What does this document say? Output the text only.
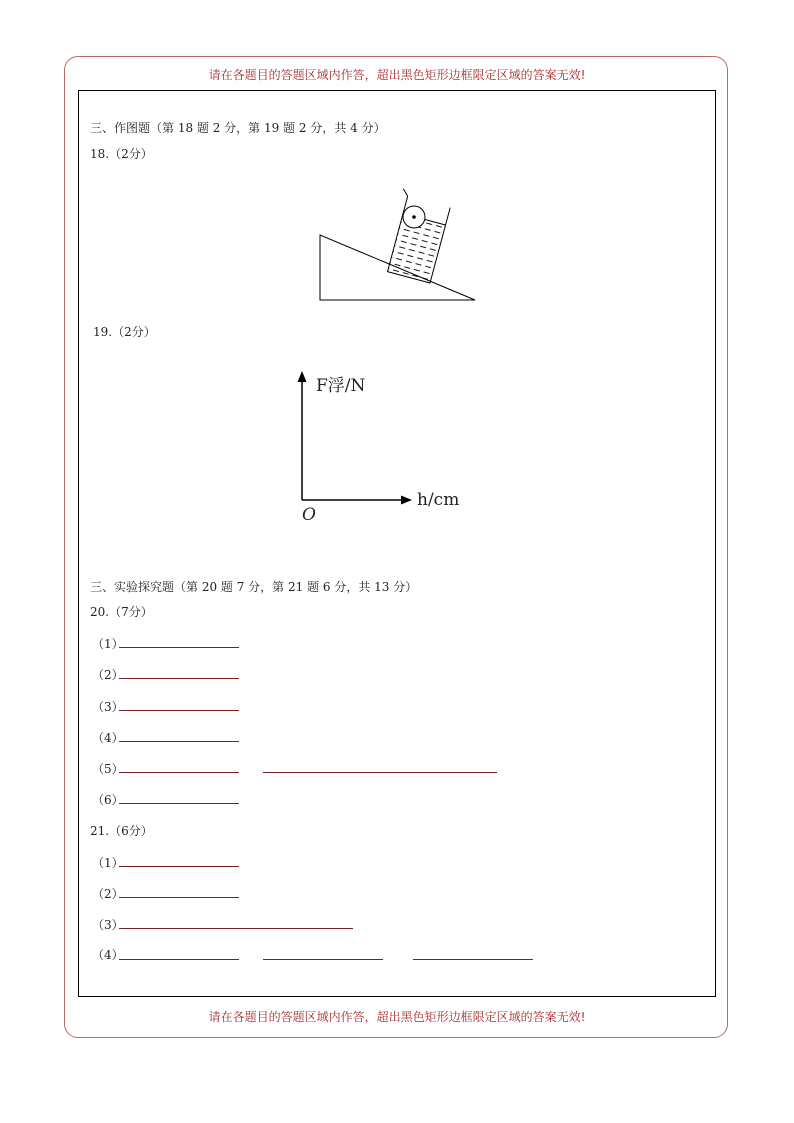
请在各题目的答题区域内作答，超出黑色矩形边框限定区域的答案无效!
三、作图题（第 18 题 2 分，第 19 题 2 分，共 4 分）
18.（2分）
19.（2分）
F浮/N
h/cm
O
三、实验探究题（第 20 题 7 分，第 21 题 6 分，共 13 分）
20.（7分）
（1）
（2）
（3）
（4）
（5）
（6）
21.（6分）
（1）
（2）
（3）
（4）
请在各题目的答题区域内作答，超出黑色矩形边框限定区域的答案无效!
